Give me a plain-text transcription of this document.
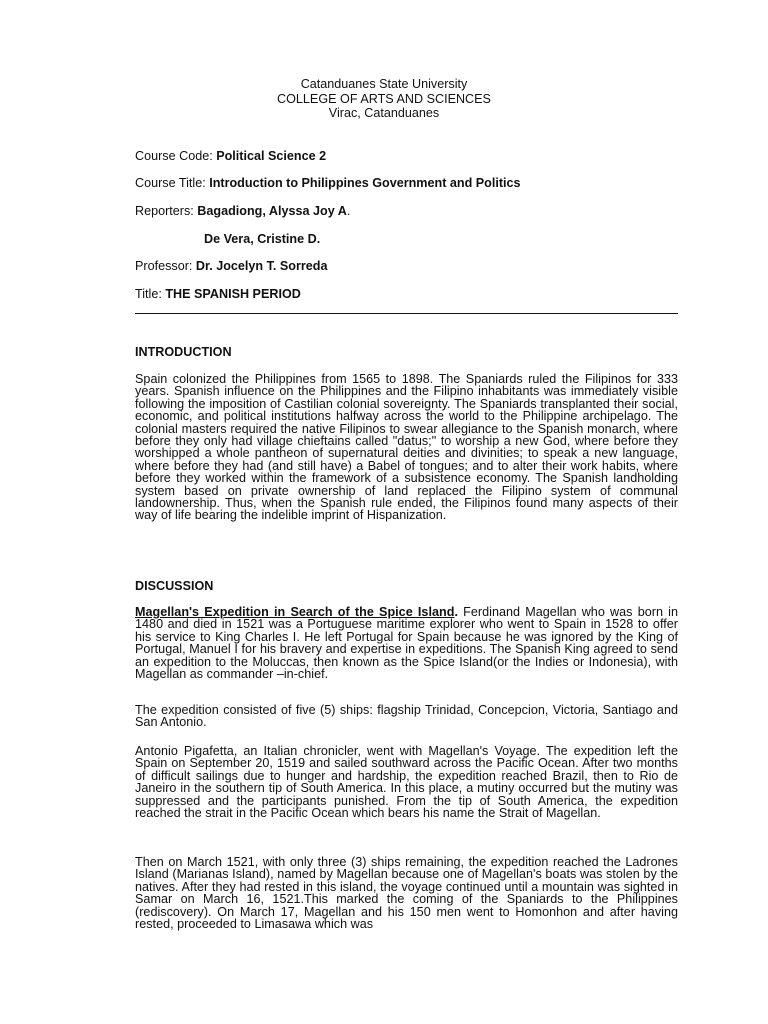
Catanduanes State University
COLLEGE OF ARTS AND SCIENCES
Virac, Catanduanes
Course Code: Political Science 2
Course Title: Introduction to Philippines Government and Politics
Reporters: Bagadiong, Alyssa Joy A.
De Vera, Cristine D.
Professor: Dr. Jocelyn T. Sorreda
Title: THE SPANISH PERIOD
INTRODUCTION
Spain colonized the Philippines from 1565 to 1898. The Spaniards ruled the Filipinos for 333 years. Spanish influence on the Philippines and the Filipino inhabitants was immediately visible following the imposition of Castilian colonial sovereignty. The Spaniards transplanted their social, economic, and political institutions halfway across the world to the Philippine archipelago. The colonial masters required the native Filipinos to swear allegiance to the Spanish monarch, where before they only had village chieftains called "datus;" to worship a new God, where before they worshipped a whole pantheon of supernatural deities and divinities; to speak a new language, where before they had (and still have) a Babel of tongues; and to alter their work habits, where before they worked within the framework of a subsistence economy. The Spanish landholding system based on private ownership of land replaced the Filipino system of communal landownership. Thus, when the Spanish rule ended, the Filipinos found many aspects of their way of life bearing the indelible imprint of Hispanization.
DISCUSSION
Magellan's Expedition in Search of the Spice Island. Ferdinand Magellan who was born in 1480 and died in 1521 was a Portuguese maritime explorer who went to Spain in 1528 to offer his service to King Charles I. He left Portugal for Spain because he was ignored by the King of Portugal, Manuel I for his bravery and expertise in expeditions. The Spanish King agreed to send an expedition to the Moluccas, then known as the Spice Island(or the Indies or Indonesia), with Magellan as commander –in-chief.
The expedition consisted of five (5) ships: flagship Trinidad, Concepcion, Victoria, Santiago and San Antonio.
Antonio Pigafetta, an Italian chronicler, went with Magellan's Voyage. The expedition left the Spain on September 20, 1519 and sailed southward across the Pacific Ocean. After two months of difficult sailings due to hunger and hardship, the expedition reached Brazil, then to Rio de Janeiro in the southern tip of South America. In this place, a mutiny occurred but the mutiny was suppressed and the participants punished. From the tip of South America, the expedition reached the strait in the Pacific Ocean which bears his name the Strait of Magellan.
Then on March 1521, with only three (3) ships remaining, the expedition reached the Ladrones Island (Marianas Island), named by Magellan because one of Magellan's boats was stolen by the natives. After they had rested in this island, the voyage continued until a mountain was sighted in Samar on March 16, 1521.This marked the coming of the Spaniards to the Philippines (rediscovery). On March 17, Magellan and his 150 men went to Homonhon and after having rested, proceeded to Limasawa which was
